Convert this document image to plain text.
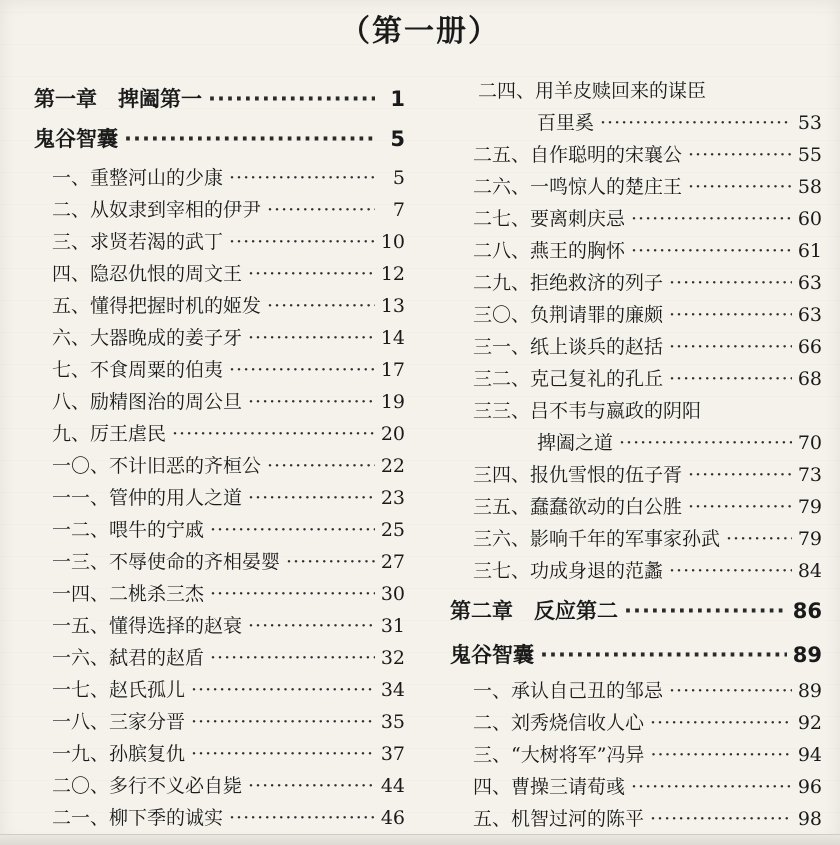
（第一册）
第一章　捭阖第一 ·····	1
鬼谷智囊 ·····	5
一、重整河山的少康 ·····	5
二、从奴隶到宰相的伊尹 ·····	7
三、求贤若渴的武丁 ·····	10
四、隐忍仇恨的周文王 ·····	12
五、懂得把握时机的姬发 ·····	13
六、大器晚成的姜子牙 ·····	14
七、不食周粟的伯夷 ·····	17
八、励精图治的周公旦 ·····	19
九、厉王虐民 ·····	20
一〇、不计旧恶的齐桓公 ·····	22
一一、管仲的用人之道 ·····	23
一二、喂牛的宁戚 ·····	25
一三、不辱使命的齐相晏婴 ·····	27
一四、二桃杀三杰 ·····	30
一五、懂得选择的赵衰 ·····	31
一六、弑君的赵盾 ·····	32
一七、赵氏孤儿 ·····	34
一八、三家分晋 ·····	35
一九、孙膑复仇 ·····	37
二〇、多行不义必自毙 ·····	44
二一、柳下季的诚实 ·····	46
二四、用羊皮赎回来的谋臣
百里奚 ·····	53
二五、自作聪明的宋襄公 ·····	55
二六、一鸣惊人的楚庄王 ·····	58
二七、要离刺庆忌 ·····	60
二八、燕王的胸怀 ·····	61
二九、拒绝救济的列子 ·····	63
三〇、负荆请罪的廉颇 ·····	63
三一、纸上谈兵的赵括 ·····	66
三二、克己复礼的孔丘 ·····	68
三三、吕不韦与嬴政的阴阳
捭阖之道 ·····	70
三四、报仇雪恨的伍子胥 ·····	73
三五、蠢蠢欲动的白公胜 ·····	79
三六、影响千年的军事家孙武 ·····	79
三七、功成身退的范蠡 ·····	84
第二章　反应第二 ·····	86
鬼谷智囊 ·····	89
一、承认自己丑的邹忌 ·····	89
二、刘秀烧信收人心 ·····	92
三、“大树将军”冯异 ·····	94
四、曹操三请荀彧 ·····	96
五、机智过河的陈平 ·····	98
